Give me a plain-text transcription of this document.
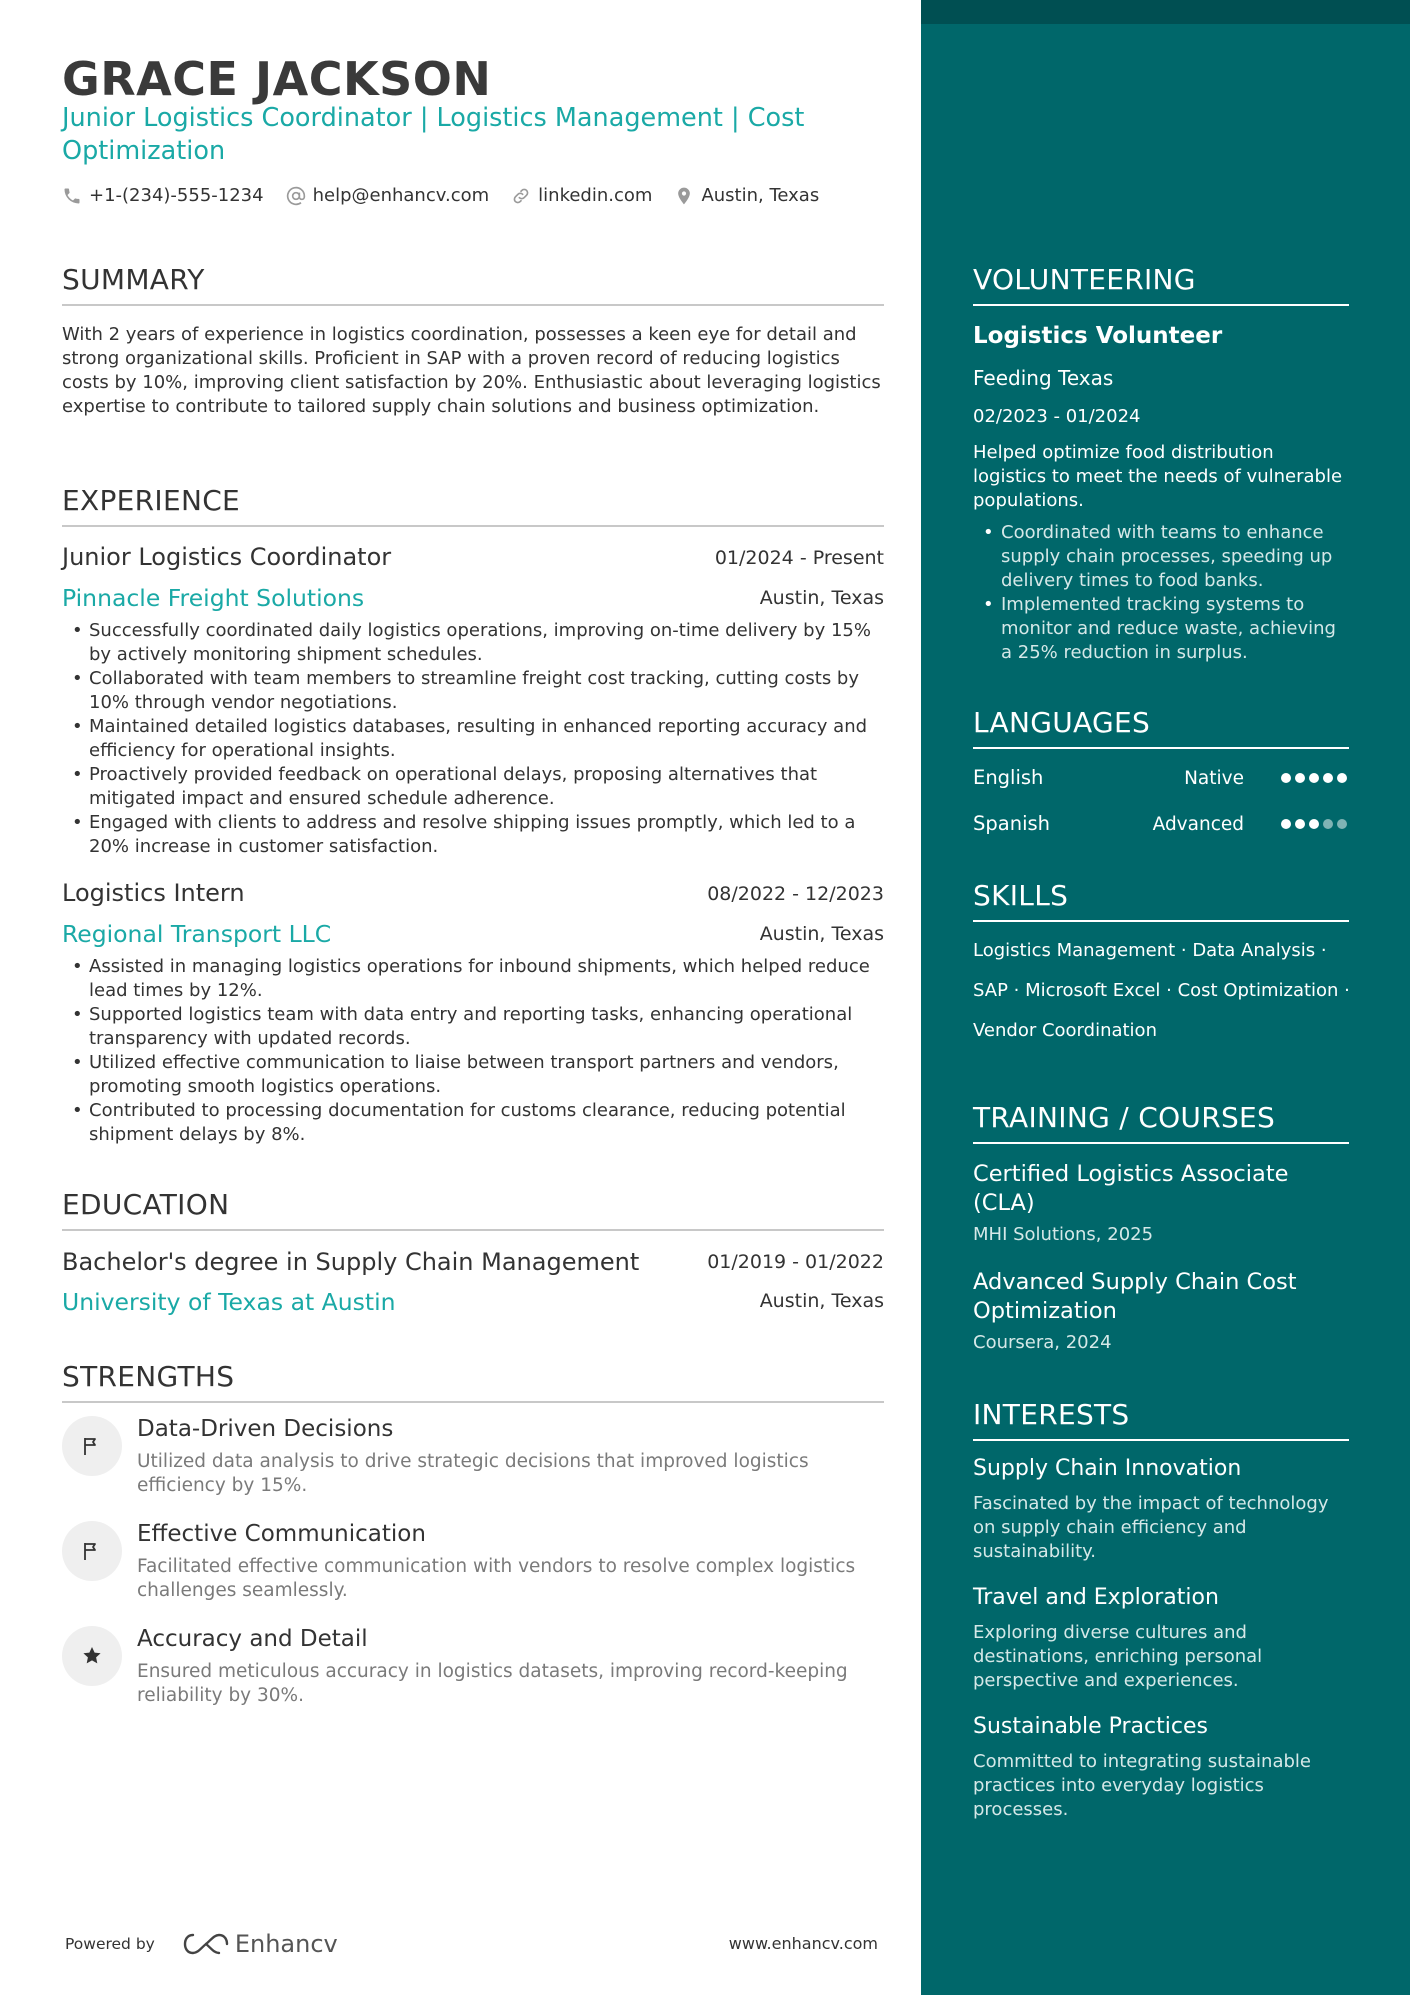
GRACE JACKSON
Junior Logistics Coordinator | Logistics Management | Cost Optimization
+1-(234)-555-1234	help@enhancv.com	linkedin.com	Austin, Texas
SUMMARY
With 2 years of experience in logistics coordination, possesses a keen eye for detail and strong organizational skills. Proficient in SAP with a proven record of reducing logistics costs by 10%, improving client satisfaction by 20%. Enthusiastic about leveraging logistics expertise to contribute to tailored supply chain solutions and business optimization.
EXPERIENCE
Junior Logistics Coordinator	01/2024 - Present
Pinnacle Freight Solutions	Austin, Texas
• Successfully coordinated daily logistics operations, improving on-time delivery by 15% by actively monitoring shipment schedules.
• Collaborated with team members to streamline freight cost tracking, cutting costs by 10% through vendor negotiations.
• Maintained detailed logistics databases, resulting in enhanced reporting accuracy and efficiency for operational insights.
• Proactively provided feedback on operational delays, proposing alternatives that mitigated impact and ensured schedule adherence.
• Engaged with clients to address and resolve shipping issues promptly, which led to a 20% increase in customer satisfaction.
Logistics Intern	08/2022 - 12/2023
Regional Transport LLC	Austin, Texas
• Assisted in managing logistics operations for inbound shipments, which helped reduce lead times by 12%.
• Supported logistics team with data entry and reporting tasks, enhancing operational transparency with updated records.
• Utilized effective communication to liaise between transport partners and vendors, promoting smooth logistics operations.
• Contributed to processing documentation for customs clearance, reducing potential shipment delays by 8%.
EDUCATION
Bachelor's degree in Supply Chain Management	01/2019 - 01/2022
University of Texas at Austin	Austin, Texas
STRENGTHS
Data-Driven Decisions
Utilized data analysis to drive strategic decisions that improved logistics efficiency by 15%.
Effective Communication
Facilitated effective communication with vendors to resolve complex logistics challenges seamlessly.
Accuracy and Detail
Ensured meticulous accuracy in logistics datasets, improving record-keeping reliability by 30%.
Powered by	Enhancv	www.enhancv.com
VOLUNTEERING
Logistics Volunteer
Feeding Texas
02/2023 - 01/2024
Helped optimize food distribution logistics to meet the needs of vulnerable populations.
• Coordinated with teams to enhance supply chain processes, speeding up delivery times to food banks.
• Implemented tracking systems to monitor and reduce waste, achieving a 25% reduction in surplus.
LANGUAGES
English	Native
Spanish	Advanced
SKILLS
Logistics Management · Data Analysis ·
SAP · Microsoft Excel · Cost Optimization ·
Vendor Coordination
TRAINING / COURSES
Certified Logistics Associate (CLA)
MHI Solutions, 2025
Advanced Supply Chain Cost Optimization
Coursera, 2024
INTERESTS
Supply Chain Innovation
Fascinated by the impact of technology on supply chain efficiency and sustainability.
Travel and Exploration
Exploring diverse cultures and destinations, enriching personal perspective and experiences.
Sustainable Practices
Committed to integrating sustainable practices into everyday logistics processes.
